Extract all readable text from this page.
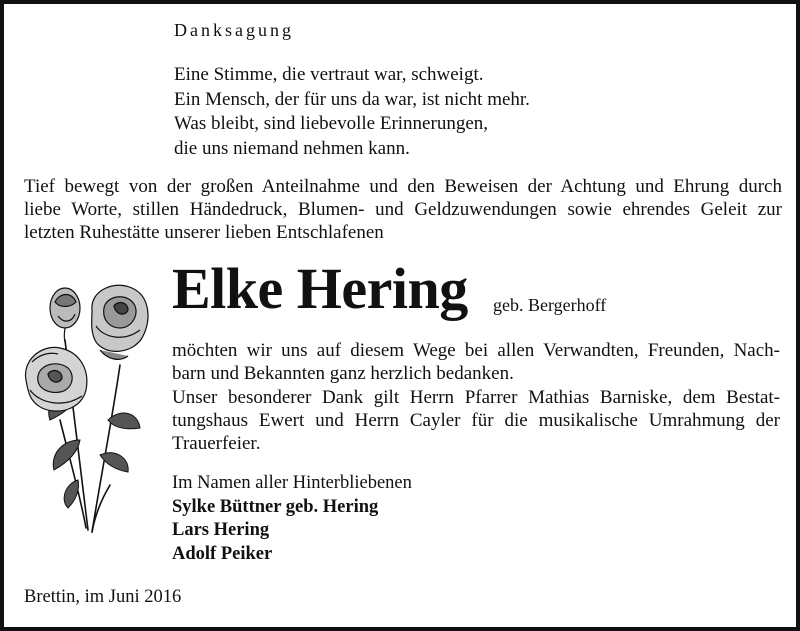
Danksagung
Eine Stimme, die vertraut war, schweigt.
Ein Mensch, der für uns da war, ist nicht mehr.
Was bleibt, sind liebevolle Erinnerungen,
die uns niemand nehmen kann.
Tief bewegt von der großen Anteilnahme und den Beweisen der Achtung und Ehrung durch
liebe Worte, stillen Händedruck, Blumen- und Geldzuwendungen sowie ehrendes Geleit zur
letzten Ruhestätte unserer lieben Entschlafenen
Elke Hering geb. Bergerhoff
möchten wir uns auf diesem Wege bei allen Verwandten, Freunden, Nach-
barn und Bekannten ganz herzlich bedanken.
Unser besonderer Dank gilt Herrn Pfarrer Mathias Barniske, dem Bestat-
tungshaus Ewert und Herrn Cayler für die musikalische Umrahmung der
Trauerfeier.
Im Namen aller Hinterbliebenen
Sylke Büttner geb. Hering
Lars Hering
Adolf Peiker
Brettin, im Juni 2016
